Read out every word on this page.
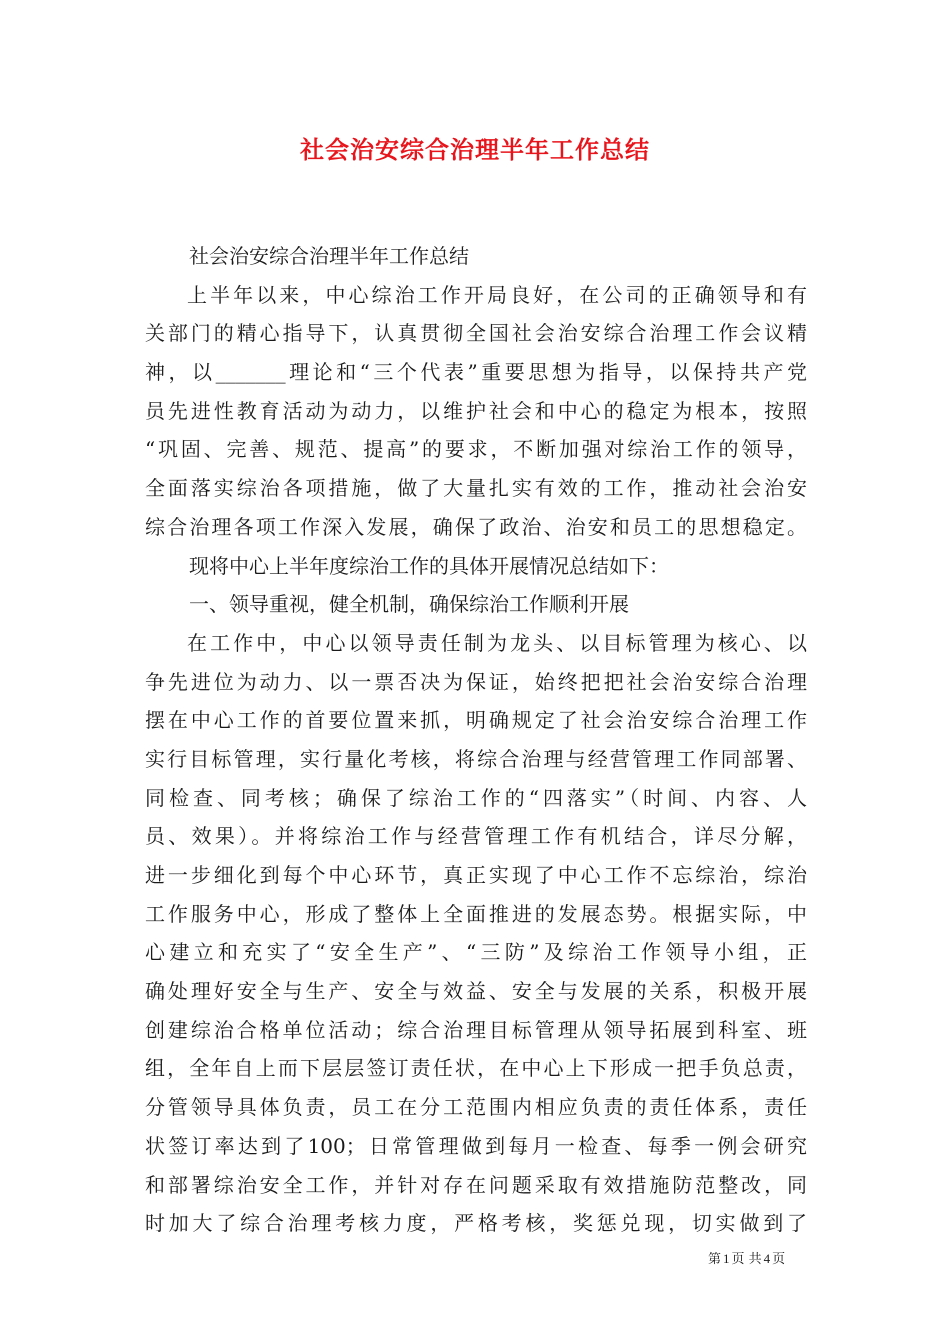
社会治安综合治理半年工作总结
社会治安综合治理半年工作总结
上半年以来，中心综治工作开局良好，在公司的正确领导和有
关部门的精心指导下，认真贯彻全国社会治安综合治理工作会议精
神，以_______理论和“三个代表”重要思想为指导，以保持共产党
员先进性教育活动为动力，以维护社会和中心的稳定为根本，按照
“巩固、完善、规范、提高”的要求，不断加强对综治工作的领导，
全面落实综治各项措施，做了大量扎实有效的工作，推动社会治安
综合治理各项工作深入发展，确保了政治、治安和员工的思想稳定。
现将中心上半年度综治工作的具体开展情况总结如下：
一、领导重视，健全机制，确保综治工作顺利开展
在工作中，中心以领导责任制为龙头、以目标管理为核心、以
争先进位为动力、以一票否决为保证，始终把把社会治安综合治理
摆在中心工作的首要位置来抓，明确规定了社会治安综合治理工作
实行目标管理，实行量化考核，将综合治理与经营管理工作同部署、
同检查、同考核；确保了综治工作的“四落实”（时间、内容、人
员、效果）。并将综治工作与经营管理工作有机结合，详尽分解，
进一步细化到每个中心环节，真正实现了中心工作不忘综治，综治
工作服务中心，形成了整体上全面推进的发展态势。根据实际，中
心建立和充实了“安全生产”、“三防”及综治工作领导小组，正
确处理好安全与生产、安全与效益、安全与发展的关系，积极开展
创建综治合格单位活动；综合治理目标管理从领导拓展到科室、班
组，全年自上而下层层签订责任状，在中心上下形成一把手负总责，
分管领导具体负责，员工在分工范围内相应负责的责任体系，责任
状签订率达到了100；日常管理做到每月一检查、每季一例会研究
和部署综治安全工作，并针对存在问题采取有效措施防范整改，同
时加大了综合治理考核力度，严格考核，奖惩兑现，切实做到了
第 1 页 共 4 页
